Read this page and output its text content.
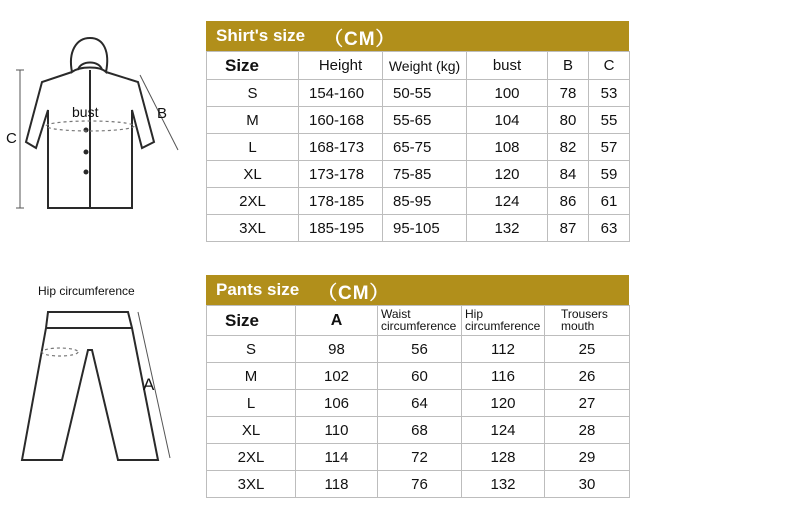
bust	B
C
Hip circumference
A
Shirt's size （CM）
Size	Height	Weight (kg)	bust	B	C
S	154-160	50-55	100	78	53
M	160-168	55-65	104	80	55
L	168-173	65-75	108	82	57
XL	173-178	75-85	120	84	59
2XL	178-185	85-95	124	86	61
3XL	185-195	95-105	132	87	63
Pants size （CM）
Size	A	Waist circumference	Hip circumference	Trousers mouth
S	98	56	112	25
M	102	60	116	26
L	106	64	120	27
XL	110	68	124	28
2XL	114	72	128	29
3XL	118	76	132	30
